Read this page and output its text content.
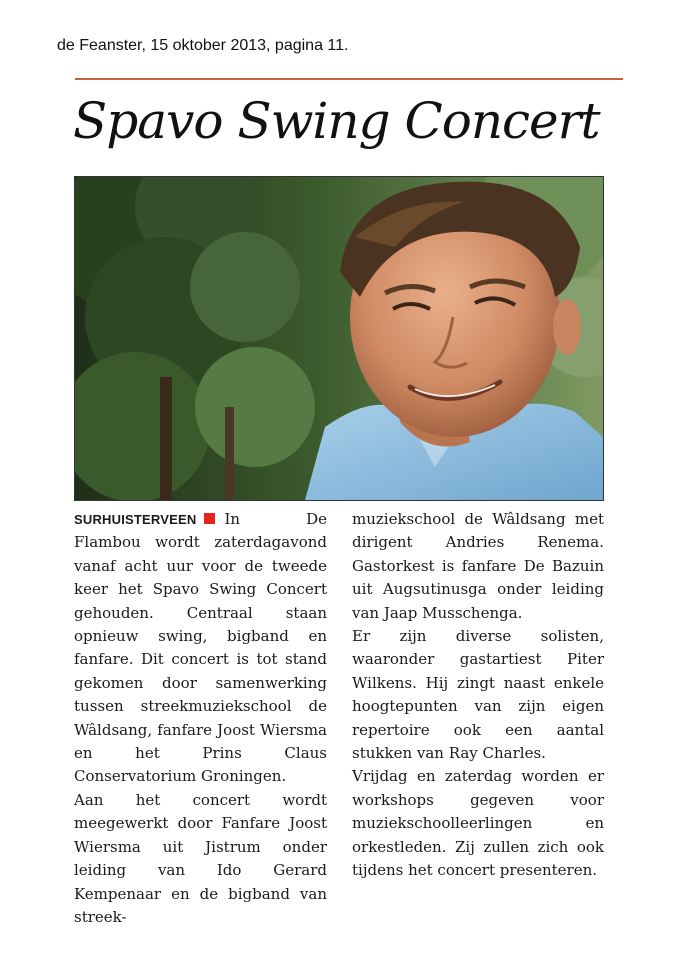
de Feanster, 15 oktober 2013, pagina 11.
Spavo Swing Concert

SURHUISTERVEEN In De Flambou wordt zaterdagavond vanaf acht uur voor de tweede keer het Spavo Swing Concert gehouden. Centraal staan opnieuw swing, bigband en fanfare. Dit concert is tot stand gekomen door samenwerking tussen streekmuziekschool de Wâldsang, fanfare Joost Wiersma en het Prins Claus Conservatorium Groningen.

Aan het concert wordt meegewerkt door Fanfare Joost Wiersma uit Jistrum onder leiding van Ido Gerard Kempenaar en de bigband van streek-

muziekschool de Wâldsang met dirigent Andries Renema. Gastorkest is fanfare De Bazuin uit Augsutinusga onder leiding van Jaap Musschenga.

Er zijn diverse solisten, waaronder gastartiest Piter Wilkens. Hij zingt naast enkele hoogtepunten van zijn eigen repertoire ook een aantal stukken van Ray Charles.

Vrijdag en zaterdag worden er workshops gegeven voor muziekschoolleerlingen en orkestleden. Zij zullen zich ook tijdens het concert presenteren.
